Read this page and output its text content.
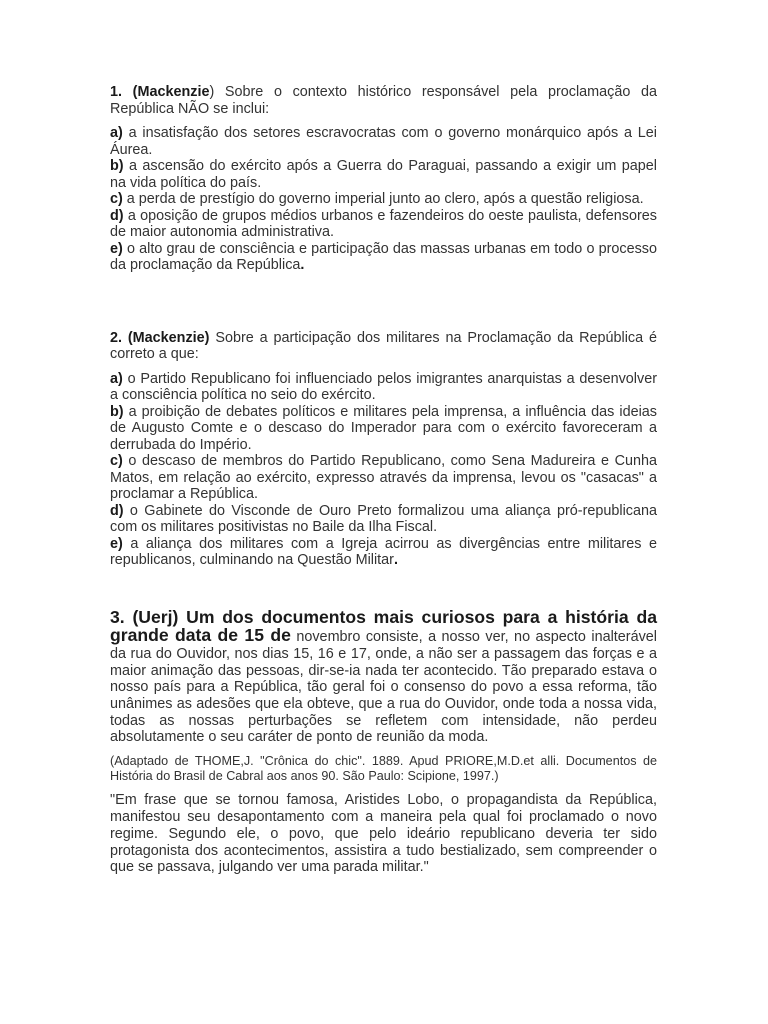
1. (Mackenzie) Sobre o contexto histórico responsável pela proclamação da República NÃO se inclui:

a) a insatisfação dos setores escravocratas com o governo monárquico após a Lei Áurea.

b) a ascensão do exército após a Guerra do Paraguai, passando a exigir um papel na vida política do país.

c) a perda de prestígio do governo imperial junto ao clero, após a questão religiosa.

d) a oposição de grupos médios urbanos e fazendeiros do oeste paulista, defensores de maior autonomia administrativa.

e) o alto grau de consciência e participação das massas urbanas em todo o processo da proclamação da República.

2. (Mackenzie) Sobre a participação dos militares na Proclamação da República é correto a que:

a) o Partido Republicano foi influenciado pelos imigrantes anarquistas a desenvolver a consciência política no seio do exército.

b) a proibição de debates políticos e militares pela imprensa, a influência das ideias de Augusto Comte e o descaso do Imperador para com o exército favoreceram a derrubada do Império.

c) o descaso de membros do Partido Republicano, como Sena Madureira e Cunha Matos, em relação ao exército, expresso através da imprensa, levou os "casacas" a proclamar a República.

d) o Gabinete do Visconde de Ouro Preto formalizou uma aliança pró-republicana com os militares positivistas no Baile da Ilha Fiscal.

e) a aliança dos militares com a Igreja acirrou as divergências entre militares e republicanos, culminando na Questão Militar.

3. (Uerj) Um dos documentos mais curiosos para a história da grande data de 15 de novembro consiste, a nosso ver, no aspecto inalterável da rua do Ouvidor, nos dias 15, 16 e 17, onde, a não ser a passagem das forças e a maior animação das pessoas, dir-se-ia nada ter acontecido. Tão preparado estava o nosso país para a República, tão geral foi o consenso do povo a essa reforma, tão unânimes as adesões que ela obteve, que a rua do Ouvidor, onde toda a nossa vida, todas as nossas perturbações se refletem com intensidade, não perdeu absolutamente o seu caráter de ponto de reunião da moda.

(Adaptado de THOME,J. "Crônica do chic". 1889. Apud PRIORE,M.D.et alli. Documentos de História do Brasil de Cabral aos anos 90. São Paulo: Scipione, 1997.)

"Em frase que se tornou famosa, Aristides Lobo, o propagandista da República, manifestou seu desapontamento com a maneira pela qual foi proclamado o novo regime. Segundo ele, o povo, que pelo ideário republicano deveria ter sido protagonista dos acontecimentos, assistira a tudo bestializado, sem compreender o que se passava, julgando ver uma parada militar."
